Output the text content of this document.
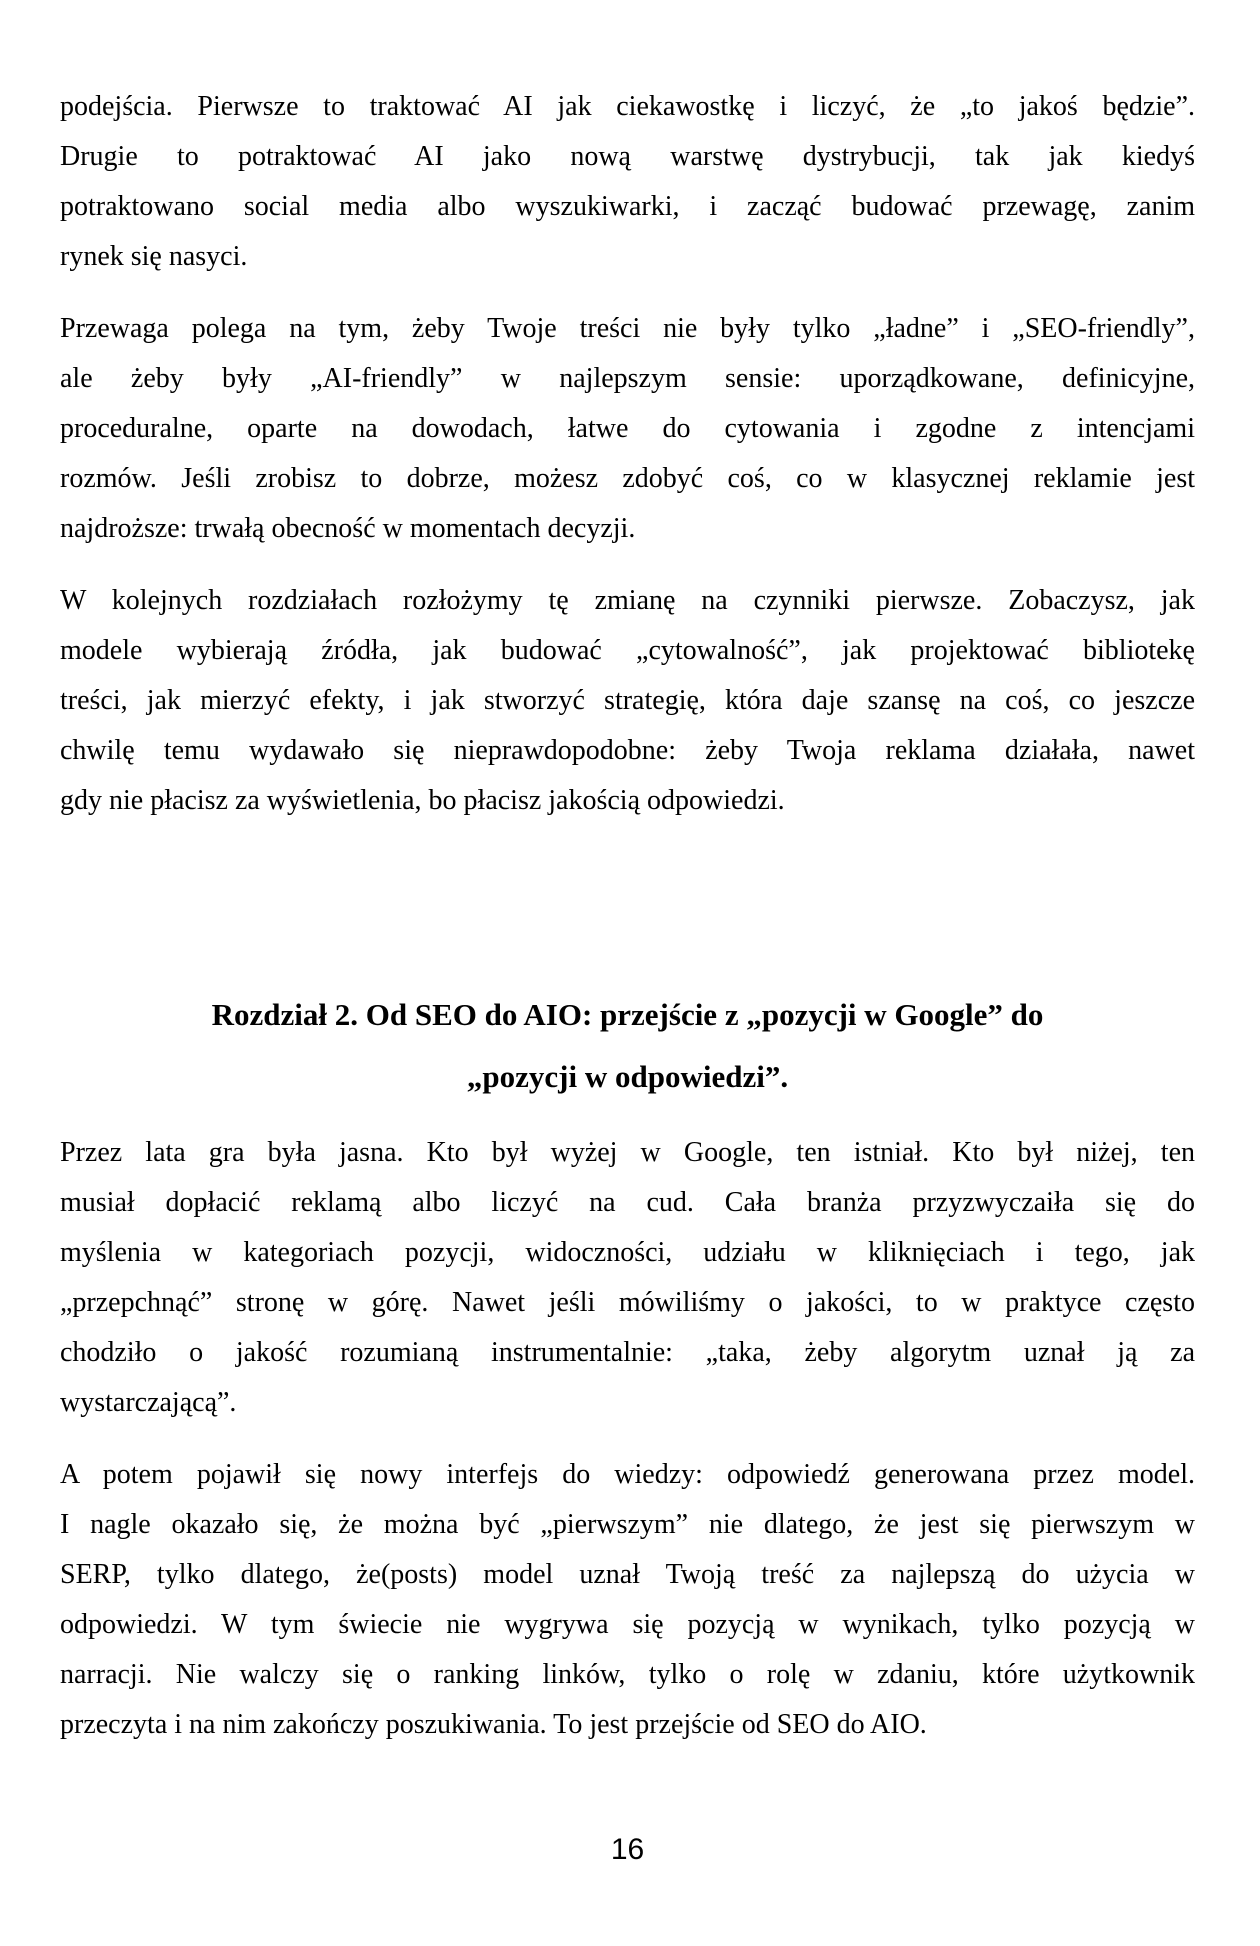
podejścia. Pierwsze to traktować AI jak ciekawostkę i liczyć, że „to jakoś będzie”.
Drugie to potraktować AI jako nową warstwę dystrybucji, tak jak kiedyś
potraktowano social media albo wyszukiwarki, i zacząć budować przewagę, zanim
rynek się nasyci.
Przewaga polega na tym, żeby Twoje treści nie były tylko „ładne” i „SEO-friendly”,
ale żeby były „AI-friendly” w najlepszym sensie: uporządkowane, definicyjne,
proceduralne, oparte na dowodach, łatwe do cytowania i zgodne z intencjami
rozmów. Jeśli zrobisz to dobrze, możesz zdobyć coś, co w klasycznej reklamie jest
najdroższe: trwałą obecność w momentach decyzji.
W kolejnych rozdziałach rozłożymy tę zmianę na czynniki pierwsze. Zobaczysz, jak
modele wybierają źródła, jak budować „cytowalność”, jak projektować bibliotekę
treści, jak mierzyć efekty, i jak stworzyć strategię, która daje szansę na coś, co jeszcze
chwilę temu wydawało się nieprawdopodobne: żeby Twoja reklama działała, nawet
gdy nie płacisz za wyświetlenia, bo płacisz jakością odpowiedzi.
Rozdział 2. Od SEO do AIO: przejście z „pozycji w Google” do
„pozycji w odpowiedzi”.
Przez lata gra była jasna. Kto był wyżej w Google, ten istniał. Kto był niżej, ten
musiał dopłacić reklamą albo liczyć na cud. Cała branża przyzwyczaiła się do
myślenia w kategoriach pozycji, widoczności, udziału w kliknięciach i tego, jak
„przepchnąć” stronę w górę. Nawet jeśli mówiliśmy o jakości, to w praktyce często
chodziło o jakość rozumianą instrumentalnie: „taka, żeby algorytm uznał ją za
wystarczającą”.
A potem pojawił się nowy interfejs do wiedzy: odpowiedź generowana przez model.
I nagle okazało się, że można być „pierwszym” nie dlatego, że jest się pierwszym w
SERP, tylko dlatego, że(posts) model uznał Twoją treść za najlepszą do użycia w
odpowiedzi. W tym świecie nie wygrywa się pozycją w wynikach, tylko pozycją w
narracji. Nie walczy się o ranking linków, tylko o rolę w zdaniu, które użytkownik
przeczyta i na nim zakończy poszukiwania. To jest przejście od SEO do AIO.
16
